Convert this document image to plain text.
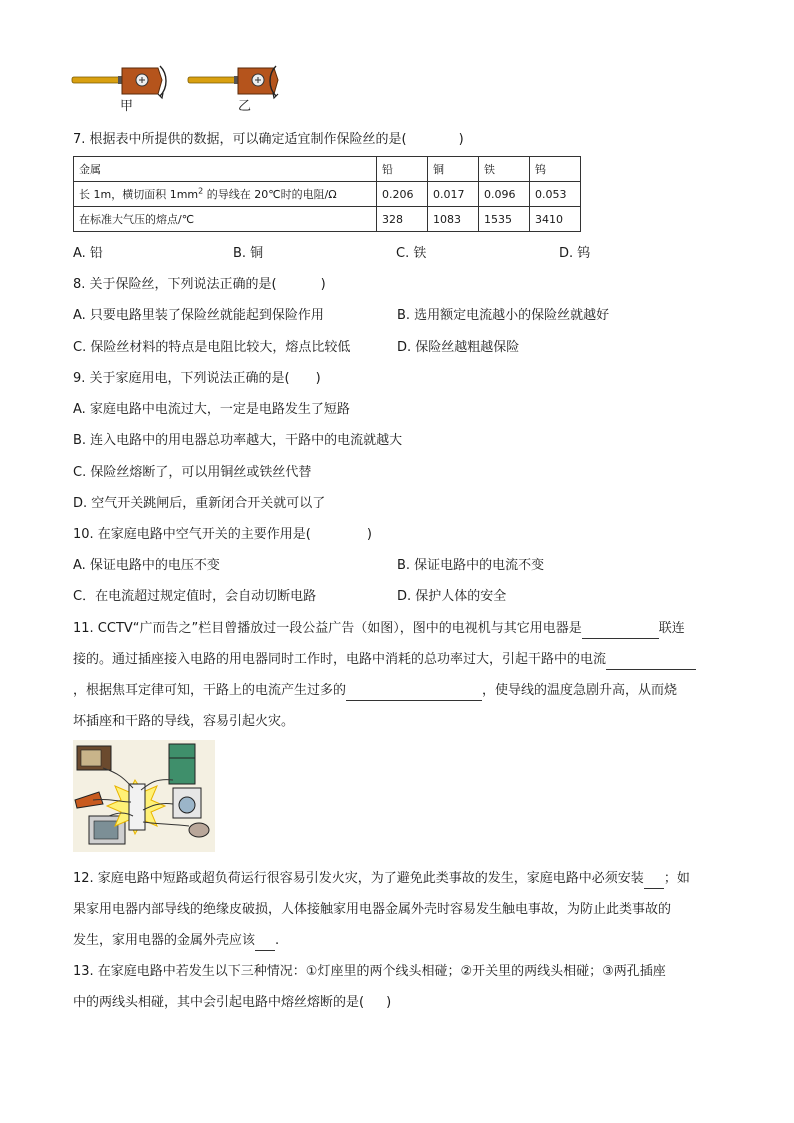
甲	乙
7. 根据表中所提供的数据，可以确定适宜制作保险丝的是(	)
金属	铅	铜	铁	钨
长 1m，横切面积 $1mm^2$ 的导线在 20℃时的电阻/Ω	0.206	0.017	0.096	0.053
在标准大气压的熔点/℃	328	1083	1535	3410
A. 铅	B. 铜	C. 铁	D. 钨
8. 关于保险丝，下列说法正确的是(	)
A. 只要电路里装了保险丝就能起到保险作用	B. 选用额定电流越小的保险丝就越好
C. 保险丝材料的特点是电阻比较大，熔点比较低	D. 保险丝越粗越保险
9. 关于家庭用电，下列说法正确的是( )
A. 家庭电路中电流过大，一定是电路发生了短路
B. 连入电路中的用电器总功率越大，干路中的电流就越大
C. 保险丝熔断了，可以用铜丝或铁丝代替
D. 空气开关跳闸后，重新闭合开关就可以了
10. 在家庭电路中空气开关的主要作用是(	)
A. 保证电路中的电压不变	B. 保证电路中的电流不变
C．在电流超过规定值时，会自动切断电路	D. 保护人体的安全
11. CCTV“广而告之”栏目曾播放过一段公益广告（如图），图中的电视机与其它用电器是	联连
接的。通过插座接入电路的用电器同时工作时，电路中消耗的总功率过大，引起干路中的电流
，根据焦耳定律可知，干路上的电流产生过多的	，使导线的温度急剧升高，从而烧
坏插座和干路的导线，容易引起火灾。
12. 家庭电路中短路或超负荷运行很容易引发火灾，为了避免此类事故的发生，家庭电路中必须安装 ；如
果家用电器内部导线的绝缘皮破损，人体接触家用电器金属外壳时容易发生触电事故，为防止此类事故的
发生，家用电器的金属外壳应该 .
13. 在家庭电路中若发生以下三种情况：①灯座里的两个线头相碰；②开关里的两线头相碰；③两孔插座
中的两线头相碰，其中会引起电路中熔丝熔断的是( )
